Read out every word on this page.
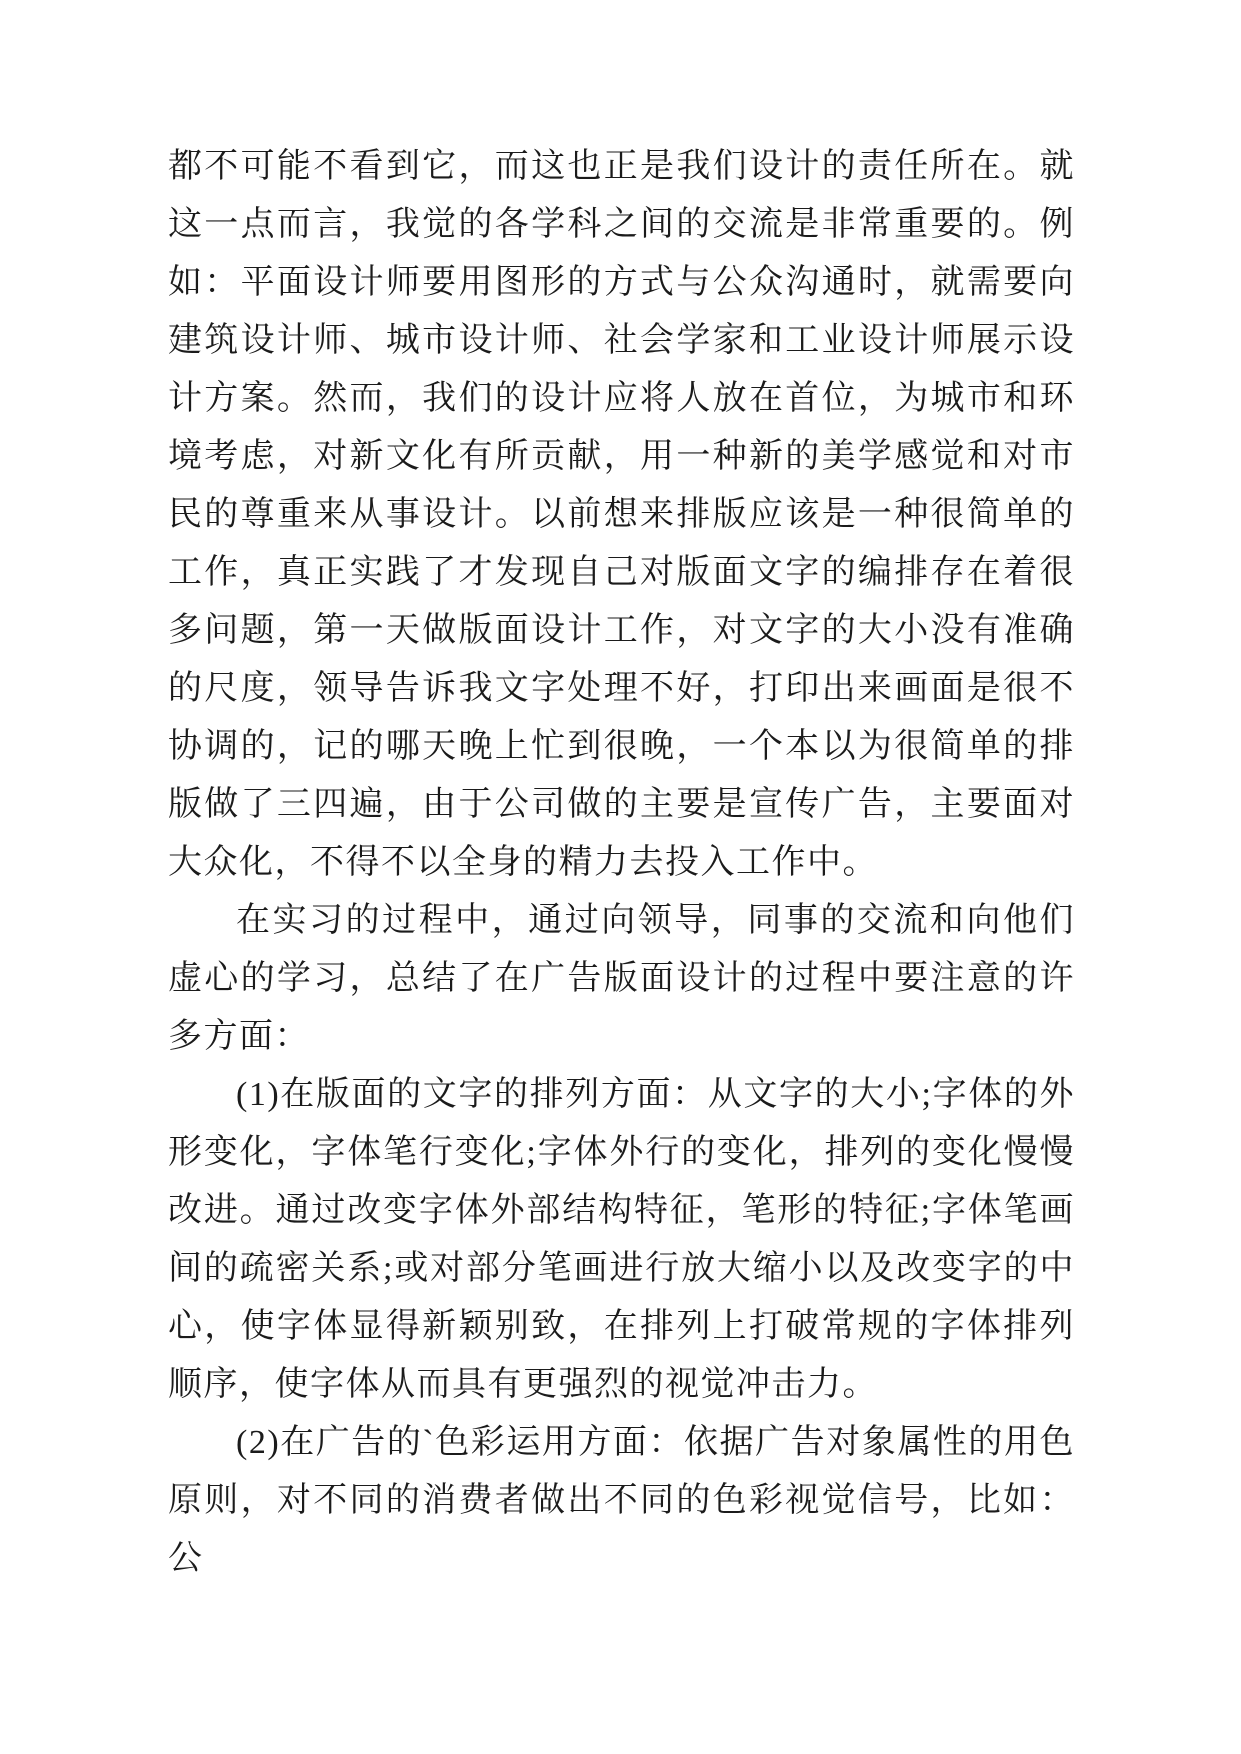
都不可能不看到它，而这也正是我们设计的责任所在。就这一点而言，我觉的各学科之间的交流是非常重要的。例如：平面设计师要用图形的方式与公众沟通时，就需要向建筑设计师、城市设计师、社会学家和工业设计师展示设计方案。然而，我们的设计应将人放在首位，为城市和环境考虑，对新文化有所贡献，用一种新的美学感觉和对市民的尊重来从事设计。以前想来排版应该是一种很简单的工作，真正实践了才发现自己对版面文字的编排存在着很多问题，第一天做版面设计工作，对文字的大小没有准确的尺度，领导告诉我文字处理不好，打印出来画面是很不协调的，记的哪天晚上忙到很晚，一个本以为很简单的排版做了三四遍，由于公司做的主要是宣传广告，主要面对大众化，不得不以全身的精力去投入工作中。

在实习的过程中，通过向领导，同事的交流和向他们虚心的学习，总结了在广告版面设计的过程中要注意的许多方面：

(1)在版面的文字的排列方面：从文字的大小;字体的外形变化，字体笔行变化;字体外行的变化，排列的变化慢慢改进。通过改变字体外部结构特征，笔形的特征;字体笔画间的疏密关系;或对部分笔画进行放大缩小以及改变字的中心，使字体显得新颖别致，在排列上打破常规的字体排列顺序，使字体从而具有更强烈的视觉冲击力。

(2)在广告的`色彩运用方面：依据广告对象属性的用色原则，对不同的消费者做出不同的色彩视觉信号，比如：公
